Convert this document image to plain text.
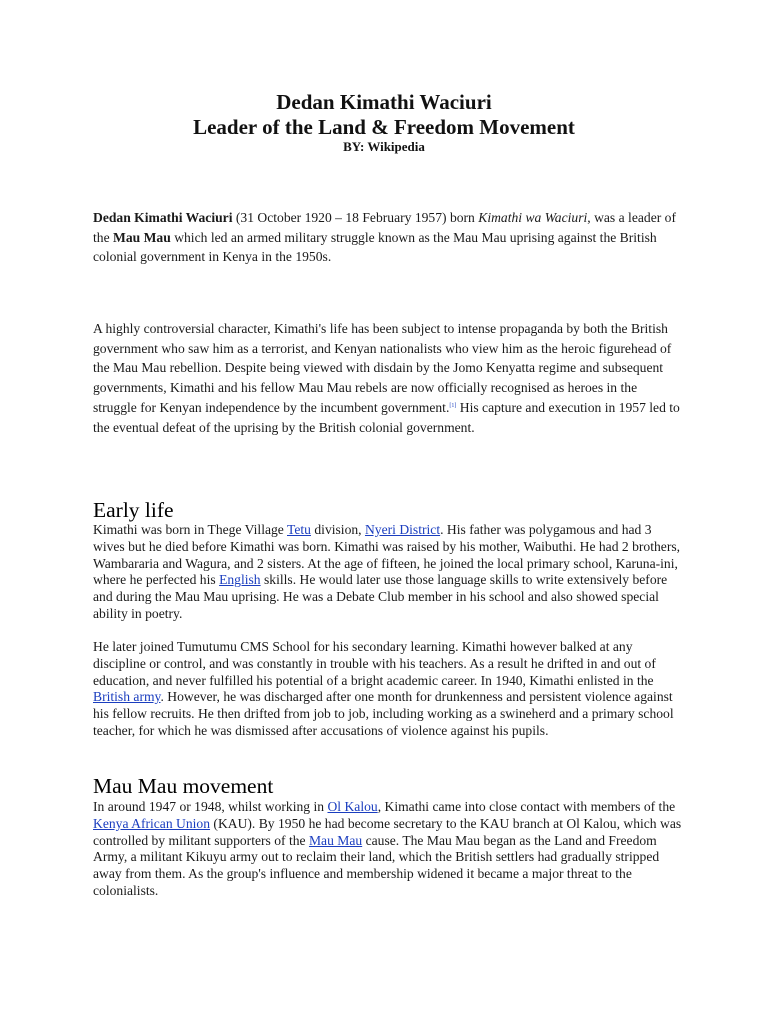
Dedan Kimathi Waciuri
Leader of the Land & Freedom Movement
BY: Wikipedia

Dedan Kimathi Waciuri (31 October 1920 – 18 February 1957) born Kimathi wa Waciuri, was a leader of the Mau Mau which led an armed military struggle known as the Mau Mau uprising against the British colonial government in Kenya in the 1950s.

A highly controversial character, Kimathi's life has been subject to intense propaganda by both the British government who saw him as a terrorist, and Kenyan nationalists who view him as the heroic figurehead of the Mau Mau rebellion. Despite being viewed with disdain by the Jomo Kenyatta regime and subsequent governments, Kimathi and his fellow Mau Mau rebels are now officially recognised as heroes in the struggle for Kenyan independence by the incumbent government.[1] His capture and execution in 1957 led to the eventual defeat of the uprising by the British colonial government.

Early life

Kimathi was born in Thege Village Tetu division, Nyeri District. His father was polygamous and had 3 wives but he died before Kimathi was born. Kimathi was raised by his mother, Waibuthi. He had 2 brothers, Wambararia and Wagura, and 2 sisters. At the age of fifteen, he joined the local primary school, Karuna-ini, where he perfected his English skills. He would later use those language skills to write extensively before and during the Mau Mau uprising. He was a Debate Club member in his school and also showed special ability in poetry.

He later joined Tumutumu CMS School for his secondary learning. Kimathi however balked at any discipline or control, and was constantly in trouble with his teachers. As a result he drifted in and out of education, and never fulfilled his potential of a bright academic career. In 1940, Kimathi enlisted in the British army. However, he was discharged after one month for drunkenness and persistent violence against his fellow recruits. He then drifted from job to job, including working as a swineherd and a primary school teacher, for which he was dismissed after accusations of violence against his pupils.

Mau Mau movement

In around 1947 or 1948, whilst working in Ol Kalou, Kimathi came into close contact with members of the Kenya African Union (KAU). By 1950 he had become secretary to the KAU branch at Ol Kalou, which was controlled by militant supporters of the Mau Mau cause. The Mau Mau began as the Land and Freedom Army, a militant Kikuyu army out to reclaim their land, which the British settlers had gradually stripped away from them. As the group's influence and membership widened it became a major threat to the colonialists.
